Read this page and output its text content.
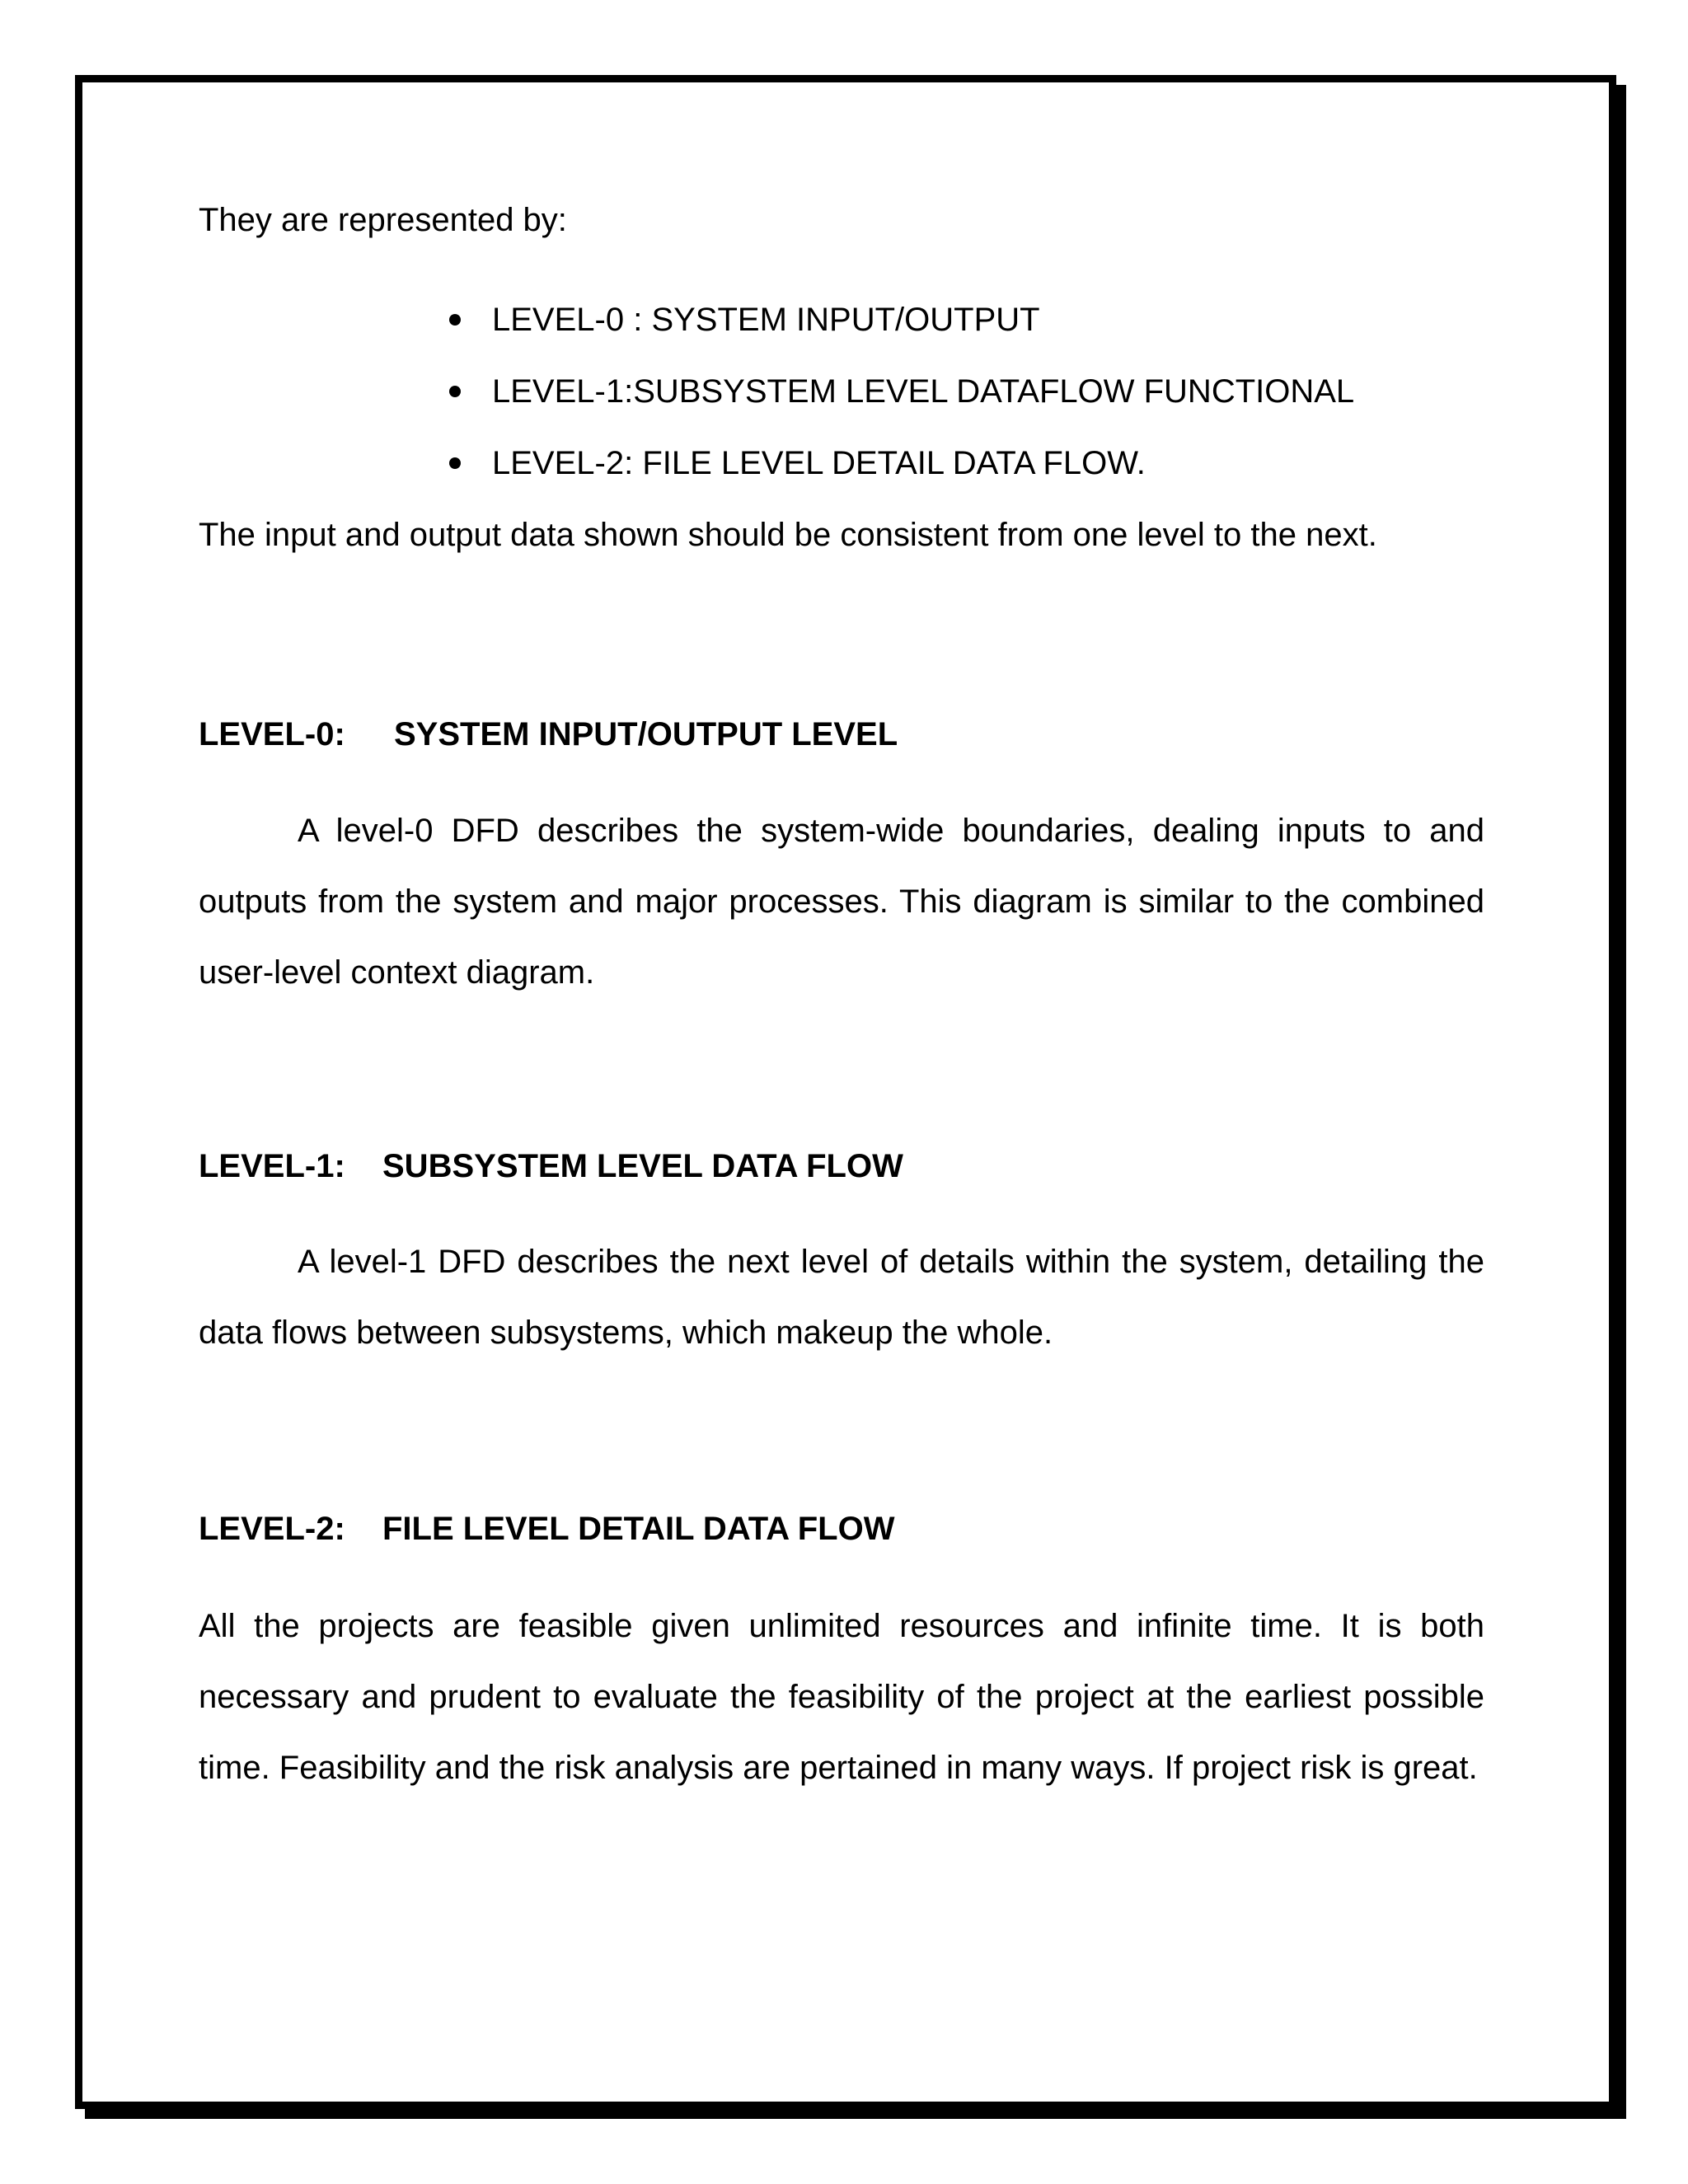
They are represented by:
LEVEL-0 : SYSTEM INPUT/OUTPUT
LEVEL-1:SUBSYSTEM LEVEL DATAFLOW FUNCTIONAL
LEVEL-2: FILE LEVEL DETAIL DATA FLOW.
The input and output data shown should be consistent from one level to the next.
LEVEL-0: SYSTEM INPUT/OUTPUT LEVEL
A level-0 DFD describes the system-wide boundaries, dealing inputs to and outputs from the system and major processes. This diagram is similar to the combined user-level context diagram.
LEVEL-1: SUBSYSTEM LEVEL DATA FLOW
A level-1 DFD describes the next level of details within the system, detailing the data flows between subsystems, which makeup the whole.
LEVEL-2: FILE LEVEL DETAIL DATA FLOW
All the projects are feasible given unlimited resources and infinite time. It is both necessary and prudent to evaluate the feasibility of the project at the earliest possible time. Feasibility and the risk analysis are pertained in many ways. If project risk is great.
